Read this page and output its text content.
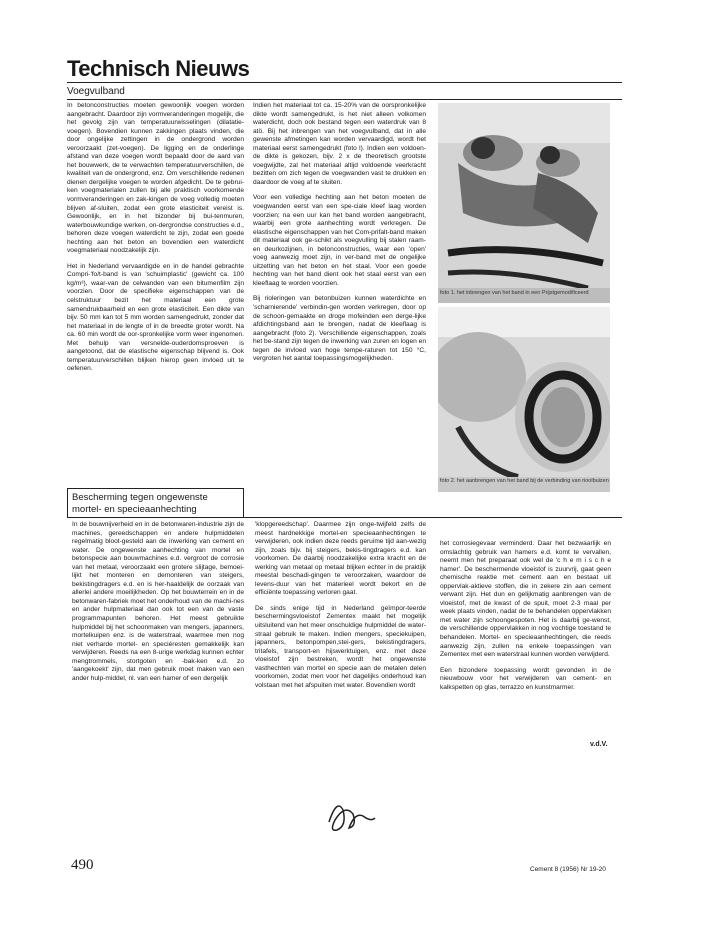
Technisch Nieuws
Voegvulband

In betonconstructies moeten gewoonlijk voegen worden aangebracht. Daardoor zijn vormveranderingen mogelijk, die het gevolg zijn van temperatuurwisselingen (dilatatie-voegen). Bovendien kunnen zakkingen plaats vinden, die door ongelijke zettingen in de ondergrond worden veroorzaakt (zet-voegen). De ligging en de onderlinge afstand van deze voegen wordt bepaald door de aard van het bouwwerk, de te verwachten temperatuurverschillen, de kwaliteit van de ondergrond, enz. Om verschillende redenen dienen dergelijke voegen te worden afgedicht. De te gebrui-ken voegmaterialen zullen bij alle praktisch voorkomende vormveranderingen en zak-kingen de voeg volledig moeten blijven af-sluiten, zodat een grote elasticiteit vereist is. Gewoonlijk, en in het bizonder bij bui-tenmuren, waterbouwkundige werken, on-dergrondse constructies e.d., behoren deze voegen waterdicht te zijn, zodat een goede hechting aan het beton en bovendien een waterdicht voegmateriaal noodzakelijk zijn.

Het in Nederland vervaardigde en in de handel gebrachte Compri-'fo/t-band is van 'schuimplastic' (gewicht ca. 100 kg/m³), waar-van de celwanden van een bitumenfilm zijn voorzien. Door de specifieke eigenschappen van de celstruktuur bezit het materiaal een grote samendrukbaarheid en een grote elasticiteit. Een dikte van bijv. 50 mm kan tot 5 mm worden samengedrukt, zonder dat het materiaal in de lengte of in de breedte groter wordt. Na ca. 60 min wordt de oor-spronkelijke vorm weer ingenomen. Met behulp van versnelde-ouderdomsproeven is aangetoond, dat de elastische eigenschap blijvend is. Ook temperatuurverschillen blijken hierop geen invloed uit te oefenen.

Indien het materiaal tot ca. 15-20% van de oorspronkelijke dikte wordt samengedrukt, is het niet alleen volkomen waterdicht, doch ook bestand tegen een waterdruk van 8 atö. Bij het inbrengen van het voegvulband, dat in alle gewenste afmetingen kan worden vervaardigd, wordt het materiaal eerst samengedrukt (foto l). Indien een voldoen-de dikte is gekozen, bijv. 2 x de theoretisch grootste voegwijdte, zal het materiaal altijd voldoende veerkracht bezitten om zich tegen de voegwanden vast te drukken en daardoor de voeg af te sluiten.

Voor een volledige hechting aan het beton moeten de voegwanden eerst van een spe-ciale kleef laag worden voorzien; na een uur kan het band worden aangebracht, waarbij een grote aanhechting wordt verkregen. De elastische eigenschappen van het Com-prifalt-band maken dit materiaal ook ge-schikt als voegvulling bij stalen raam- en deurkozijnen, in betonconstructies, waar een 'open' voeg aanwezig moet zijn, in ver-band met de ongelijke uitzetting van het beton en het staal. Voor een goede hechting van het band dient ook het staal eerst van een kleeflaag te worden voorzien.

Bij rioleringen van betonbuizen kunnen waterdichte en 'scharnierende' verbindin-gen worden verkregen, door op de schoon-gemaakte en droge mofeinden een derge-lijke afdichtingsband aan te brengen, nadat de kleeflaag is aangebracht (foto 2). Verschillende eigenschappen, zoals het be-stand zijn tegen de inwerking van zuren en logen en tegen de invloed van hoge tempe-raturen tot 150 °C, vergroten het aantal toepassingsmogelijkheden.

foto 1. het inbrengen van het band in een Prijstgemodificeerd
foto 2. het aanbrengen van het band bij de verbinding van rioolbuizen
Bescherming tegen ongewenste mortel- en specieaanhechting

In de bouwnijverheid en in de betonwaren-industrie zijn de machines, gereedschappen en andere hulpmiddelen regelmatig bloot-gesteld aan de inwerking van cement en water. De ongewenste aanhechting van mortel en betonspecie aan bouwmachines e.d. vergroot de corrosie van het metaal, veroorzaakt een grotere slijtage, bemoei-lijkt het monteren en demonteren van steigers, bekistingdragers e.d. en is her-haaldelijk de oorzaak van allerlei andere moeilijkheden. Op het bouwterrein en in de betonwaren-fabriek moet het onderhoud van de machi-nes en ander hulpmateriaal dan ook tot een van de vaste programmapunten behoren. Het meest gebruikte hulpmiddel bij het schoonmaken van mengers, japanners, mortelkuipen enz. is de waterstraal, waarmee men nog niet verharde mortel- en speciéresten gemakkelijk kan verwijderen. Reeds na een 8-urige werkdag kunnen echter mengtrommels, stortgoten en -bak-ken e.d. zo 'aangekoekt' zijn, dat men gebruik moet maken van een ander hulp-middel, nl. van een hamer of een dergelijk

'klopgereedschap'. Daarmee zijn onge-twijfeld zelfs de meest hardnekkige mortel-en specieaanhechtingen te verwijderen, ook indien deze reeds geruime tijd aan-wezig zijn, zoals bijv. bij steigers, bekis-tingdragers e.d. kan voorkomen. De daarbij noodzakelijke extra kracht en de werking van metaal op metaal blijken echter in de praktijk meestal beschadi-gingen te veroorzaken, waardoor de levens-duur van het materieel wordt bekort en de efficiënte toepassing verloren gaat.

De sinds enige tijd in Nederland geïmpor-teerde beschermingsvloeistof Zementex maakt het mogelijk uitsluitend van het meer onschuldige hulpmiddel de water-straal gebruik te maken. Indien mengers, speciekuipen, japanners, betonpompen,stei-gers, bekistingdragers, tritafels, transport-en hijswerktuigen, enz. met deze vloeistof zijn bestreken, wordt het ongewenste vasthechten van mortel en specie aan de metalen delen voorkomen, zodat men voor het dagelijks onderhoud kan volstaan met het afspuiten met water. Bovendien wordt

het corrosiegevaar verminderd. Daar het bezwaarlijk en omslachtig gebruik van hamers e.d. komt te vervallen, neemt men het preparaat ook wel de 'c h e m i s c h e hamer'. De beschermende vloeistof is zuurvrij, gaat geen chemische reaktie met cement aan en bestaat uit oppervlak-aktieve stoffen, die in zekere zin aan cement verwant zijn. Het dun en gelijkmatig aanbrengen van de vloeistof, met de kwast of de spuit, moet 2-3 maal per week plaats vinden, nadat de te behandelen oppervlakken met water zijn schoongespoten. Het is daarbij ge-wenst, de verschillende oppervlakken in nog vochtige toestand te behandelen. Mortel- en specieaanhechtingen, die reeds aanwezig zijn, zullen na enkele toepassingen van Zementex met een waterstraal kunnen worden verwijderd.

Een bizondere toepassing wordt gevonden in de nieuwbouw voor het verwijderen van cement- en kalkspetten op glas, terrazzo en kunstmarmer.

v.d.V.
490	Cement 8 (1956) Nr 19-20
